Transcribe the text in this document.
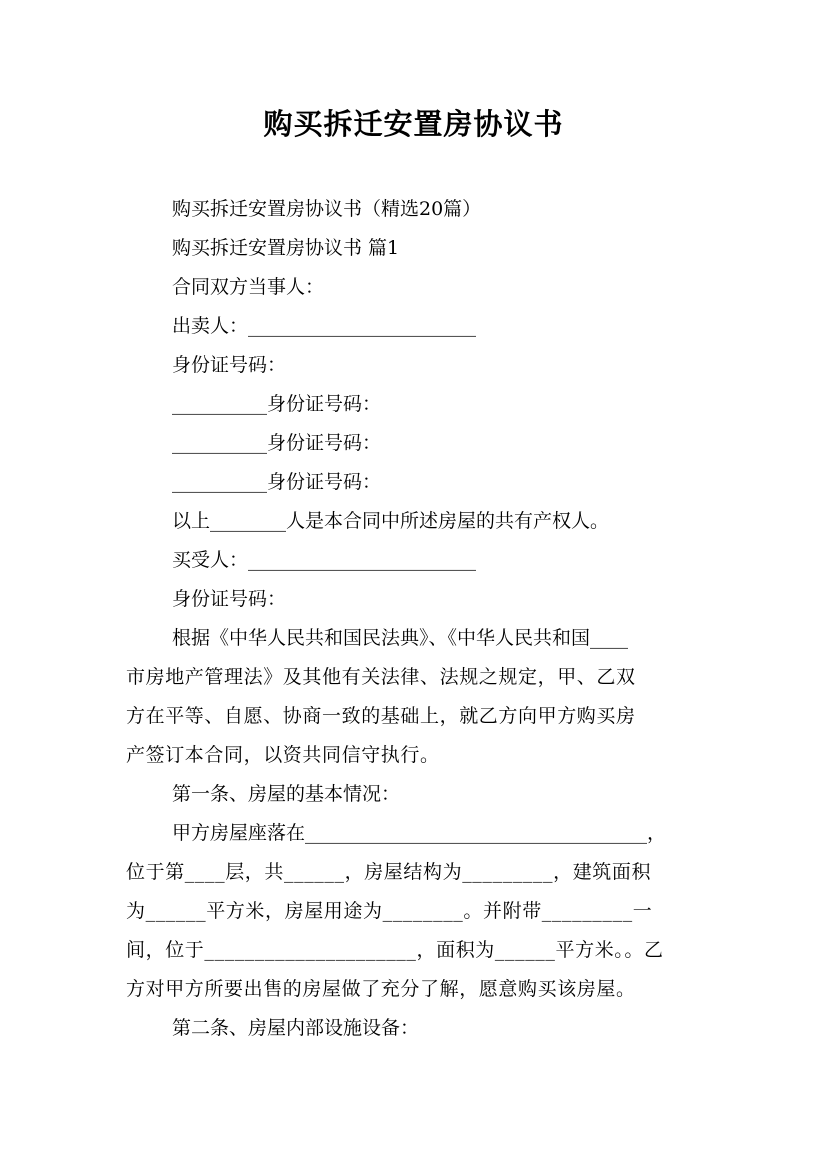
购买拆迁安置房协议书

购买拆迁安置房协议书（精选20篇）

购买拆迁安置房协议书 篇1

合同双方当事人：

出卖人：________________________

身份证号码：

__________身份证号码：

__________身份证号码：

__________身份证号码：

以上________人是本合同中所述房屋的共有产权人。

买受人：________________________

身份证号码：

根据《中华人民共和国民法典》、《中华人民共和国____

市房地产管理法》及其他有关法律、法规之规定，甲、乙双

方在平等、自愿、协商一致的基础上，就乙方向甲方购买房

产签订本合同，以资共同信守执行。

第一条、房屋的基本情况：

甲方房屋座落在____________________________________，

位于第____层，共______，房屋结构为_________，建筑面积

为______平方米，房屋用途为________。并附带_________一

间，位于_____________________，面积为______平方米。。乙

方对甲方所要出售的房屋做了充分了解，愿意购买该房屋。

第二条、房屋内部设施设备：
